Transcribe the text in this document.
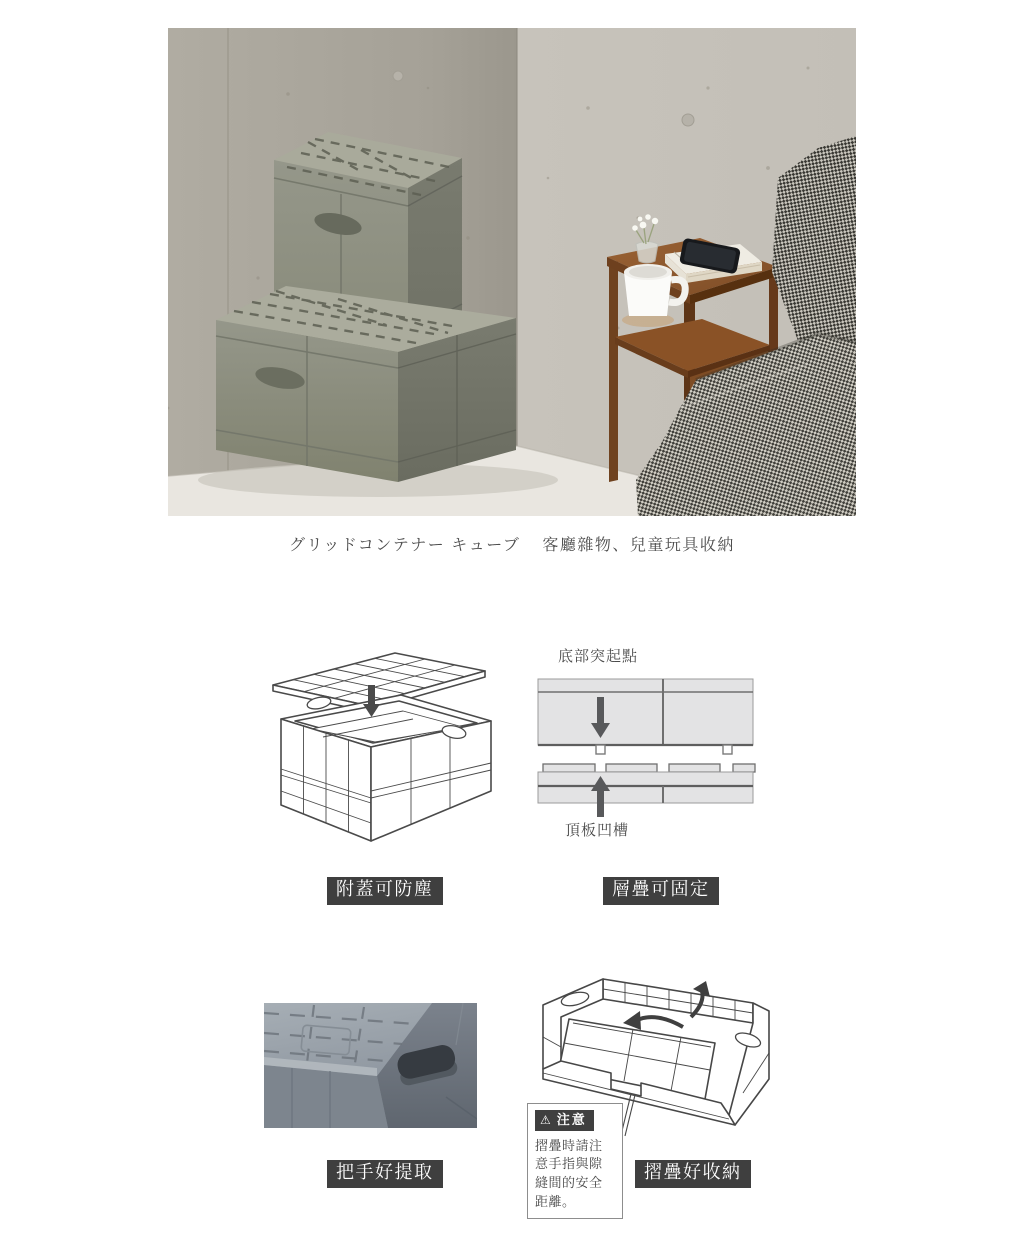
グリッドコンテナー キューブ 客廳雜物、兒童玩具收納
底部突起點
頂板凹槽
⚠ 注意
摺疊時請注意手指與隙縫間的安全距離。
附蓋可防塵	層疊可固定
把手好提取	摺疊好收納
